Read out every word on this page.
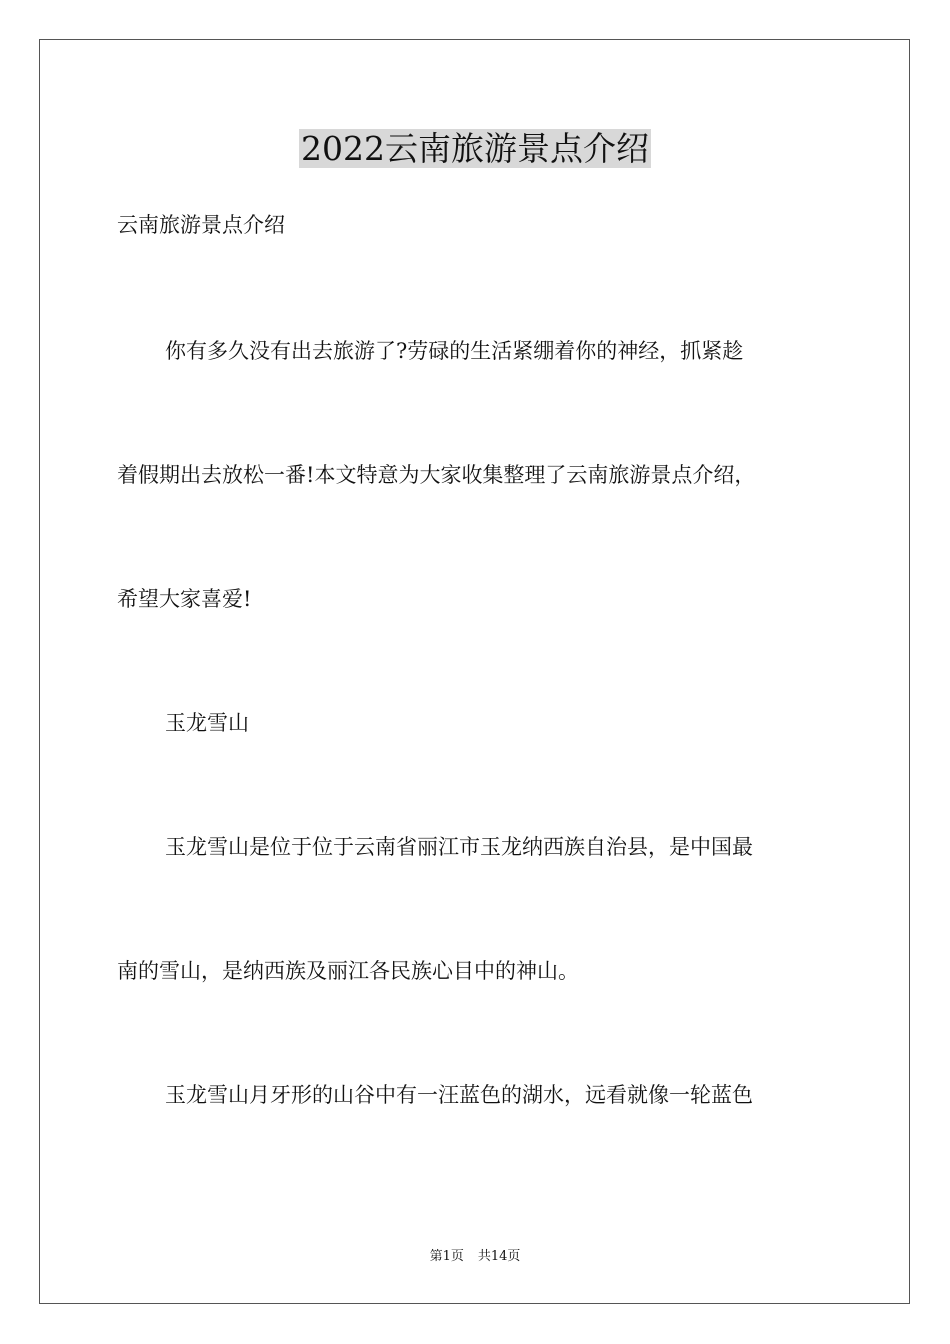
2022云南旅游景点介绍

云南旅游景点介绍

你有多久没有出去旅游了?劳碌的生活紧绷着你的神经，抓紧趁

着假期出去放松一番!本文特意为大家收集整理了云南旅游景点介绍，

希望大家喜爱!

玉龙雪山

玉龙雪山是位于位于云南省丽江市玉龙纳西族自治县，是中国最

南的雪山，是纳西族及丽江各民族心目中的神山。

玉龙雪山月牙形的山谷中有一汪蓝色的湖水，远看就像一轮蓝色

第1页 共14页
